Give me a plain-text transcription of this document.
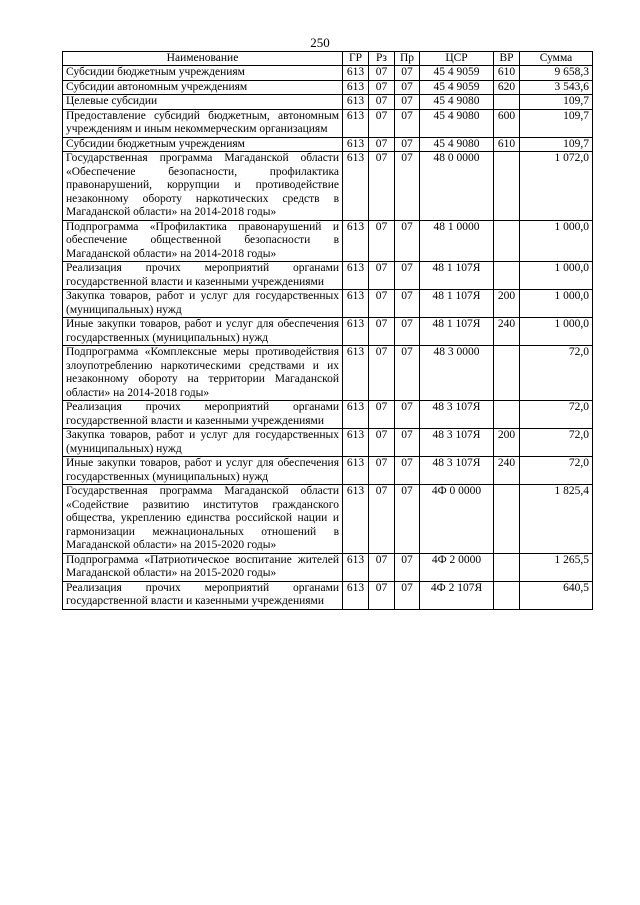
250
Наименование	ГР	Рз	Пр	ЦСР	ВР	Сумма
Субсидии бюджетным учреждениям	613	07	07	45 4 9059	610	9 658,3
Субсидии автономным учреждениям	613	07	07	45 4 9059	620	3 543,6
Целевые субсидии	613	07	07	45 4 9080		109,7
Предоставление субсидий бюджетным, автономным учреждениям и иным некоммерческим организациям	613	07	07	45 4 9080	600	109,7
Субсидии бюджетным учреждениям	613	07	07	45 4 9080	610	109,7
Государственная программа Магаданской области «Обеспечение безопасности, профилактика правонарушений, коррупции и противодействие незаконному обороту наркотических средств в Магаданской области» на 2014-2018 годы»	613	07	07	48 0 0000		1 072,0
Подпрограмма «Профилактика правонарушений и обеспечение общественной безопасности в Магаданской области» на 2014-2018 годы»	613	07	07	48 1 0000		1 000,0
Реализация прочих мероприятий органами государственной власти и казенными учреждениями	613	07	07	48 1 107Я		1 000,0
Закупка товаров, работ и услуг для государственных (муниципальных) нужд	613	07	07	48 1 107Я	200	1 000,0
Иные закупки товаров, работ и услуг для обеспечения государственных (муниципальных) нужд	613	07	07	48 1 107Я	240	1 000,0
Подпрограмма «Комплексные меры противодействия злоупотреблению наркотическими средствами и их незаконному обороту на территории Магаданской области» на 2014-2018 годы»	613	07	07	48 3 0000		72,0
Реализация прочих мероприятий органами государственной власти и казенными учреждениями	613	07	07	48 3 107Я		72,0
Закупка товаров, работ и услуг для государственных (муниципальных) нужд	613	07	07	48 3 107Я	200	72,0
Иные закупки товаров, работ и услуг для обеспечения государственных (муниципальных) нужд	613	07	07	48 3 107Я	240	72,0
Государственная программа Магаданской области «Содействие развитию институтов гражданского общества, укреплению единства российской нации и гармонизации межнациональных отношений в Магаданской области» на 2015-2020 годы»	613	07	07	4Ф 0 0000		1 825,4
Подпрограмма «Патриотическое воспитание жителей Магаданской области» на 2015-2020 годы»	613	07	07	4Ф 2 0000		1 265,5
Реализация прочих мероприятий органами государственной власти и казенными учреждениями	613	07	07	4Ф 2 107Я		640,5
